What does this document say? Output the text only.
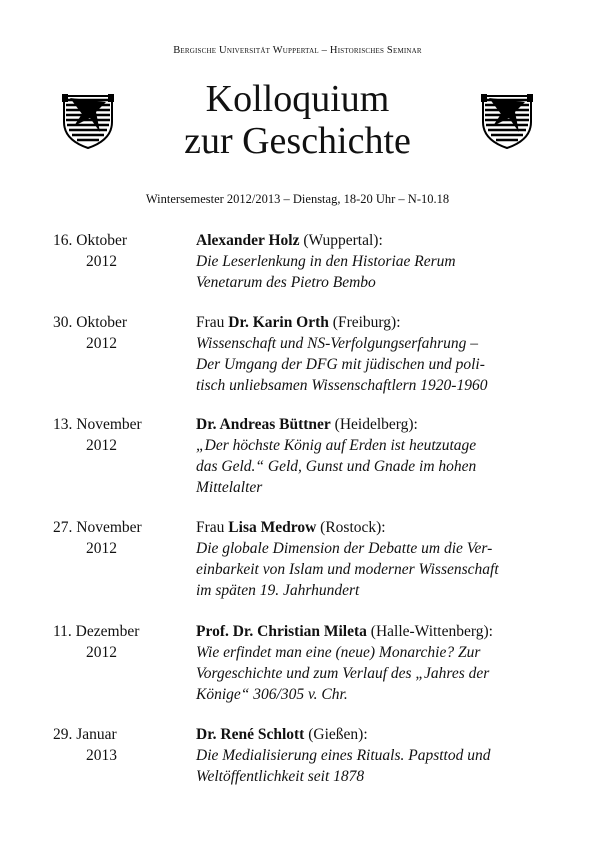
Bergische Universität Wuppertal – Historisches Seminar
Kolloquium
zur Geschichte
Wintersemester 2012/2013 – Dienstag, 18-20 Uhr – N-10.18
16. Oktober
2012
Alexander Holz (Wuppertal):
Die Leserlenkung in den Historiae Rerum
Venetarum des Pietro Bembo
30. Oktober
2012
Frau Dr. Karin Orth (Freiburg):
Wissenschaft und NS-Verfolgungserfahrung –
Der Umgang der DFG mit jüdischen und poli-
tisch unliebsamen Wissenschaftlern 1920-1960
13. November
2012
Dr. Andreas Büttner (Heidelberg):
„Der höchste König auf Erden ist heutzutage
das Geld.“ Geld, Gunst und Gnade im hohen
Mittelalter
27. November
2012
Frau Lisa Medrow (Rostock):
Die globale Dimension der Debatte um die Ver-
einbarkeit von Islam und moderner Wissenschaft
im späten 19. Jahrhundert
11. Dezember
2012
Prof. Dr. Christian Mileta (Halle-Wittenberg):
Wie erfindet man eine (neue) Monarchie? Zur
Vorgeschichte und zum Verlauf des „Jahres der
Könige“ 306/305 v. Chr.
29. Januar
2013
Dr. René Schlott (Gießen):
Die Medialisierung eines Rituals. Papsttod und
Weltöffentlichkeit seit 1878
